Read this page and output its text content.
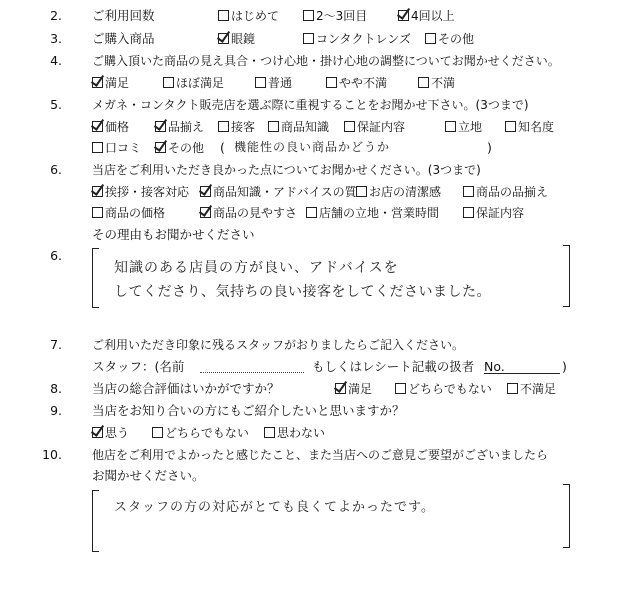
2. ご利用回数	はじめて	2～3回目	4回以上
3. ご購入商品	眼鏡	コンタクトレンズ	その他
4.	ご購入頂いた商品の見え具合・つけ心地・掛け心地の調整についてお聞かせください。
満足	ほぼ満足	普通	やや不満	不満
5.	メガネ・コンタクト販売店を選ぶ際に重視することをお聞かせ下さい。(3つまで)
価格	品揃え	接客	商品知識	保証内容	立地	知名度
口コミ	その他 ( 機能性の良い商品かどうか	)
6.	当店をご利用いただき良かった点についてお聞かせください。(3つまで)
挨拶・接客対応	商品知識・アドバイスの質	お店の清潔感	商品の品揃え
商品の価格	商品の見やすさ	店舗の立地・営業時間	保証内容
その理由もお聞かせください
6.
知識のある店員の方が良い、アドバイスを
してくださり、気持ちの良い接客をしてくださいました。
7.	ご利用いただき印象に残るスタッフがおりましたらご記入ください。
スタッフ：(名前	もしくはレシート記載の扱者 No.	)
8. 当店の総合評価はいかがですか？	満足	どちらでもない	不満足
9. 当店をお知り合いの方にもご紹介したいと思いますか？
思う	どちらでもない	思わない
10.	他店をご利用でよかったと感じたこと、また当店へのご意見ご要望がございましたら
お聞かせください。
スタッフの方の対応がとても良くてよかったです。
